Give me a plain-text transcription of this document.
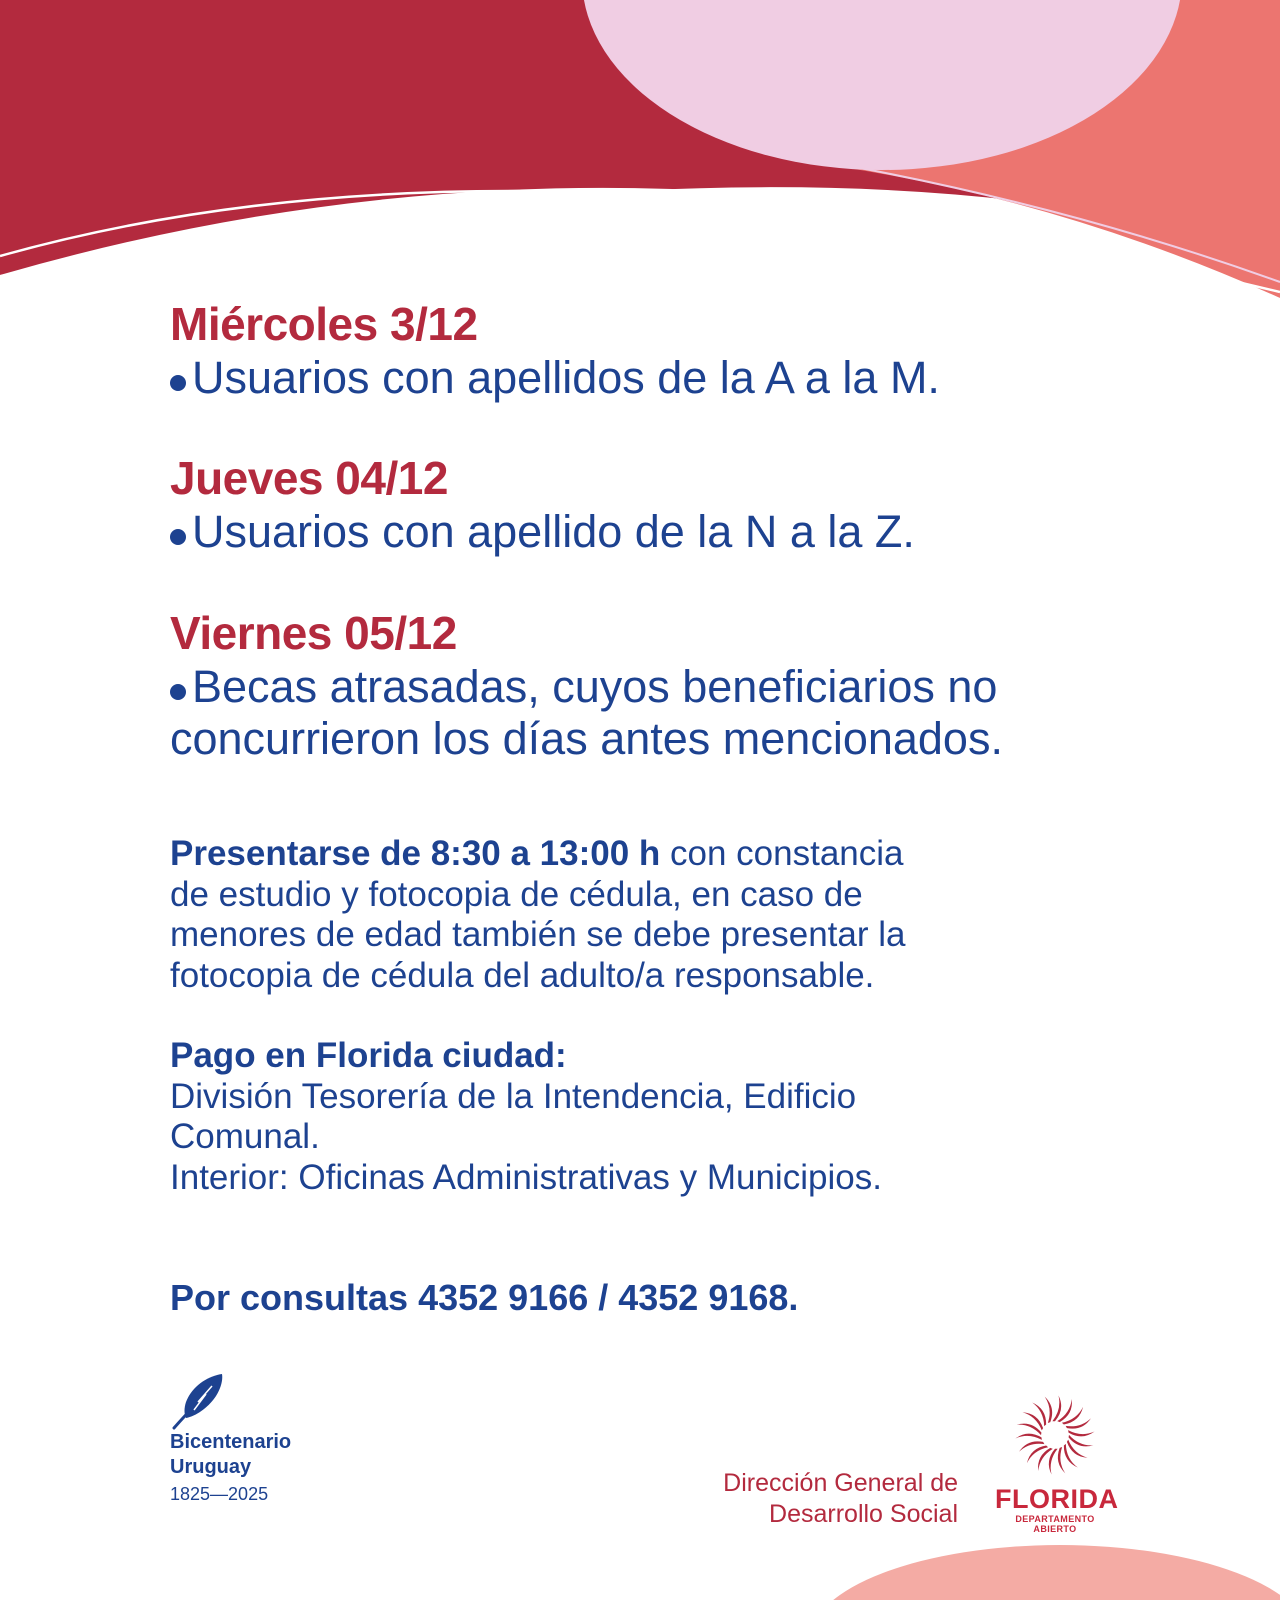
Miércoles 3/12

Usuarios con apellidos de la A a la M.

Jueves 04/12

Usuarios con apellido de la N a la Z.

Viernes 05/12

Becas atrasadas, cuyos beneficiarios no
concurrieron los días antes mencionados.

Presentarse de 8:30 a 13:00 h con constancia
de estudio y fotocopia de cédula, en caso de
menores de edad también se debe presentar la
fotocopia de cédula del adulto/a responsable.

Pago en Florida ciudad:
División Tesorería de la Intendencia, Edificio
Comunal.
Interior: Oficinas Administrativas y Municipios.

Por consultas 4352 9166 / 4352 9168.

Bicentenario
Uruguay
1825—2025	Dirección General de
Desarrollo Social FLORIDA
DEPARTAMENTO ABIERTO
